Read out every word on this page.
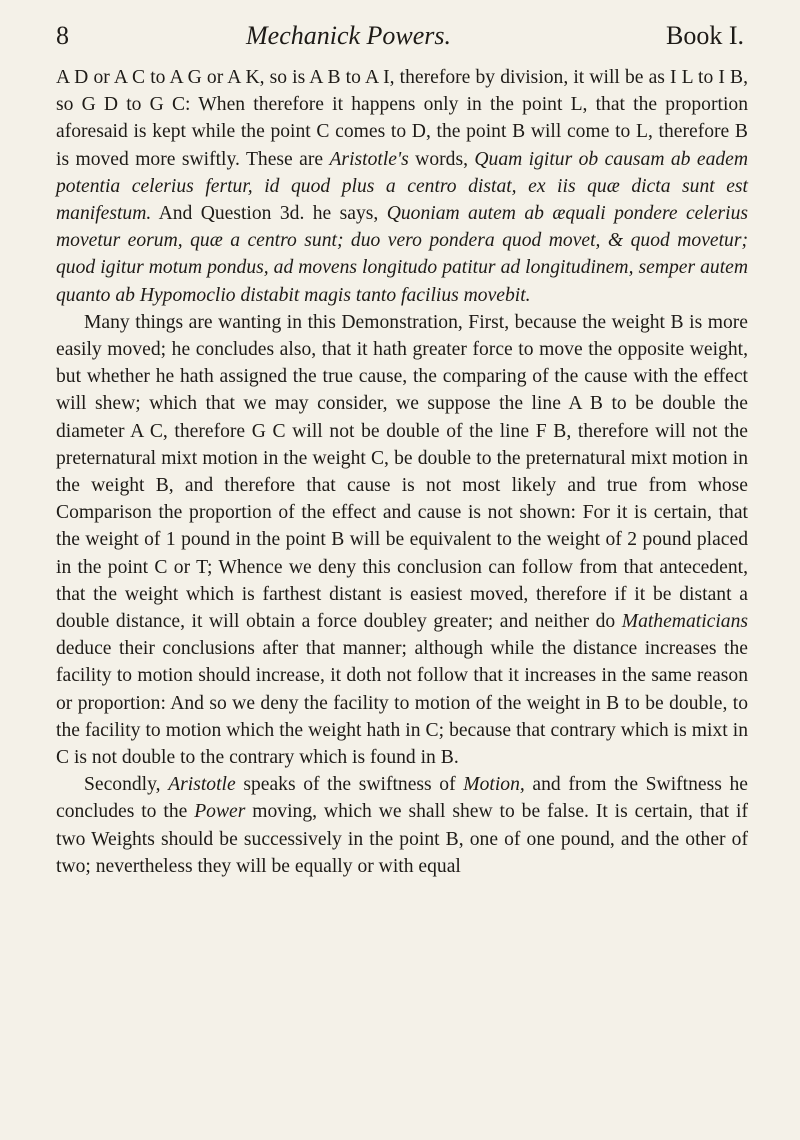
8	Mechanick Powers.	Book I.

A D or A C to A G or A K, so is A B to A I, therefore by division, it will be as I L to I B, so G D to G C: When therefore it happens only in the point L, that the proportion aforesaid is kept while the point C comes to D, the point B will come to L, therefore B is moved more swiftly. These are Aristotle's words, Quam igitur ob causam ab eadem potentia celerius fertur, id quod plus a centro distat, ex iis quæ dicta sunt est manifestum. And Question 3d. he says, Quoniam autem ab æquali pondere celerius movetur eorum, quæ a centro sunt; duo vero pondera quod movet, & quod movetur; quod igitur motum pondus, ad movens longitudo patitur ad longitudinem, semper autem quanto ab Hypomoclio distabit magis tanto facilius movebit.

Many things are wanting in this Demonstration, First, because the weight B is more easily moved; he concludes also, that it hath greater force to move the opposite weight, but whether he hath assigned the true cause, the comparing of the cause with the effect will shew; which that we may consider, we suppose the line A B to be double the diameter A C, therefore G C will not be double of the line F B, therefore will not the preternatural mixt motion in the weight C, be double to the preternatural mixt motion in the weight B, and therefore that cause is not most likely and true from whose Comparison the proportion of the effect and cause is not shown: For it is certain, that the weight of 1 pound in the point B will be equivalent to the weight of 2 pound placed in the point C or T; Whence we deny this conclusion can follow from that antecedent, that the weight which is farthest distant is easiest moved, therefore if it be distant a double distance, it will obtain a force doubley greater; and neither do Mathematicians deduce their conclusions after that manner; although while the distance increases the facility to motion should increase, it doth not follow that it increases in the same reason or proportion: And so we deny the facility to motion of the weight in B to be double, to the facility to motion which the weight hath in C; because that contrary which is mixt in C is not double to the contrary which is found in B.

Secondly, Aristotle speaks of the swiftness of Motion, and from the Swiftness he concludes to the Power moving, which we shall shew to be false. It is certain, that if two Weights should be successively in the point B, one of one pound, and the other of two; nevertheless they will be equally or with equal
